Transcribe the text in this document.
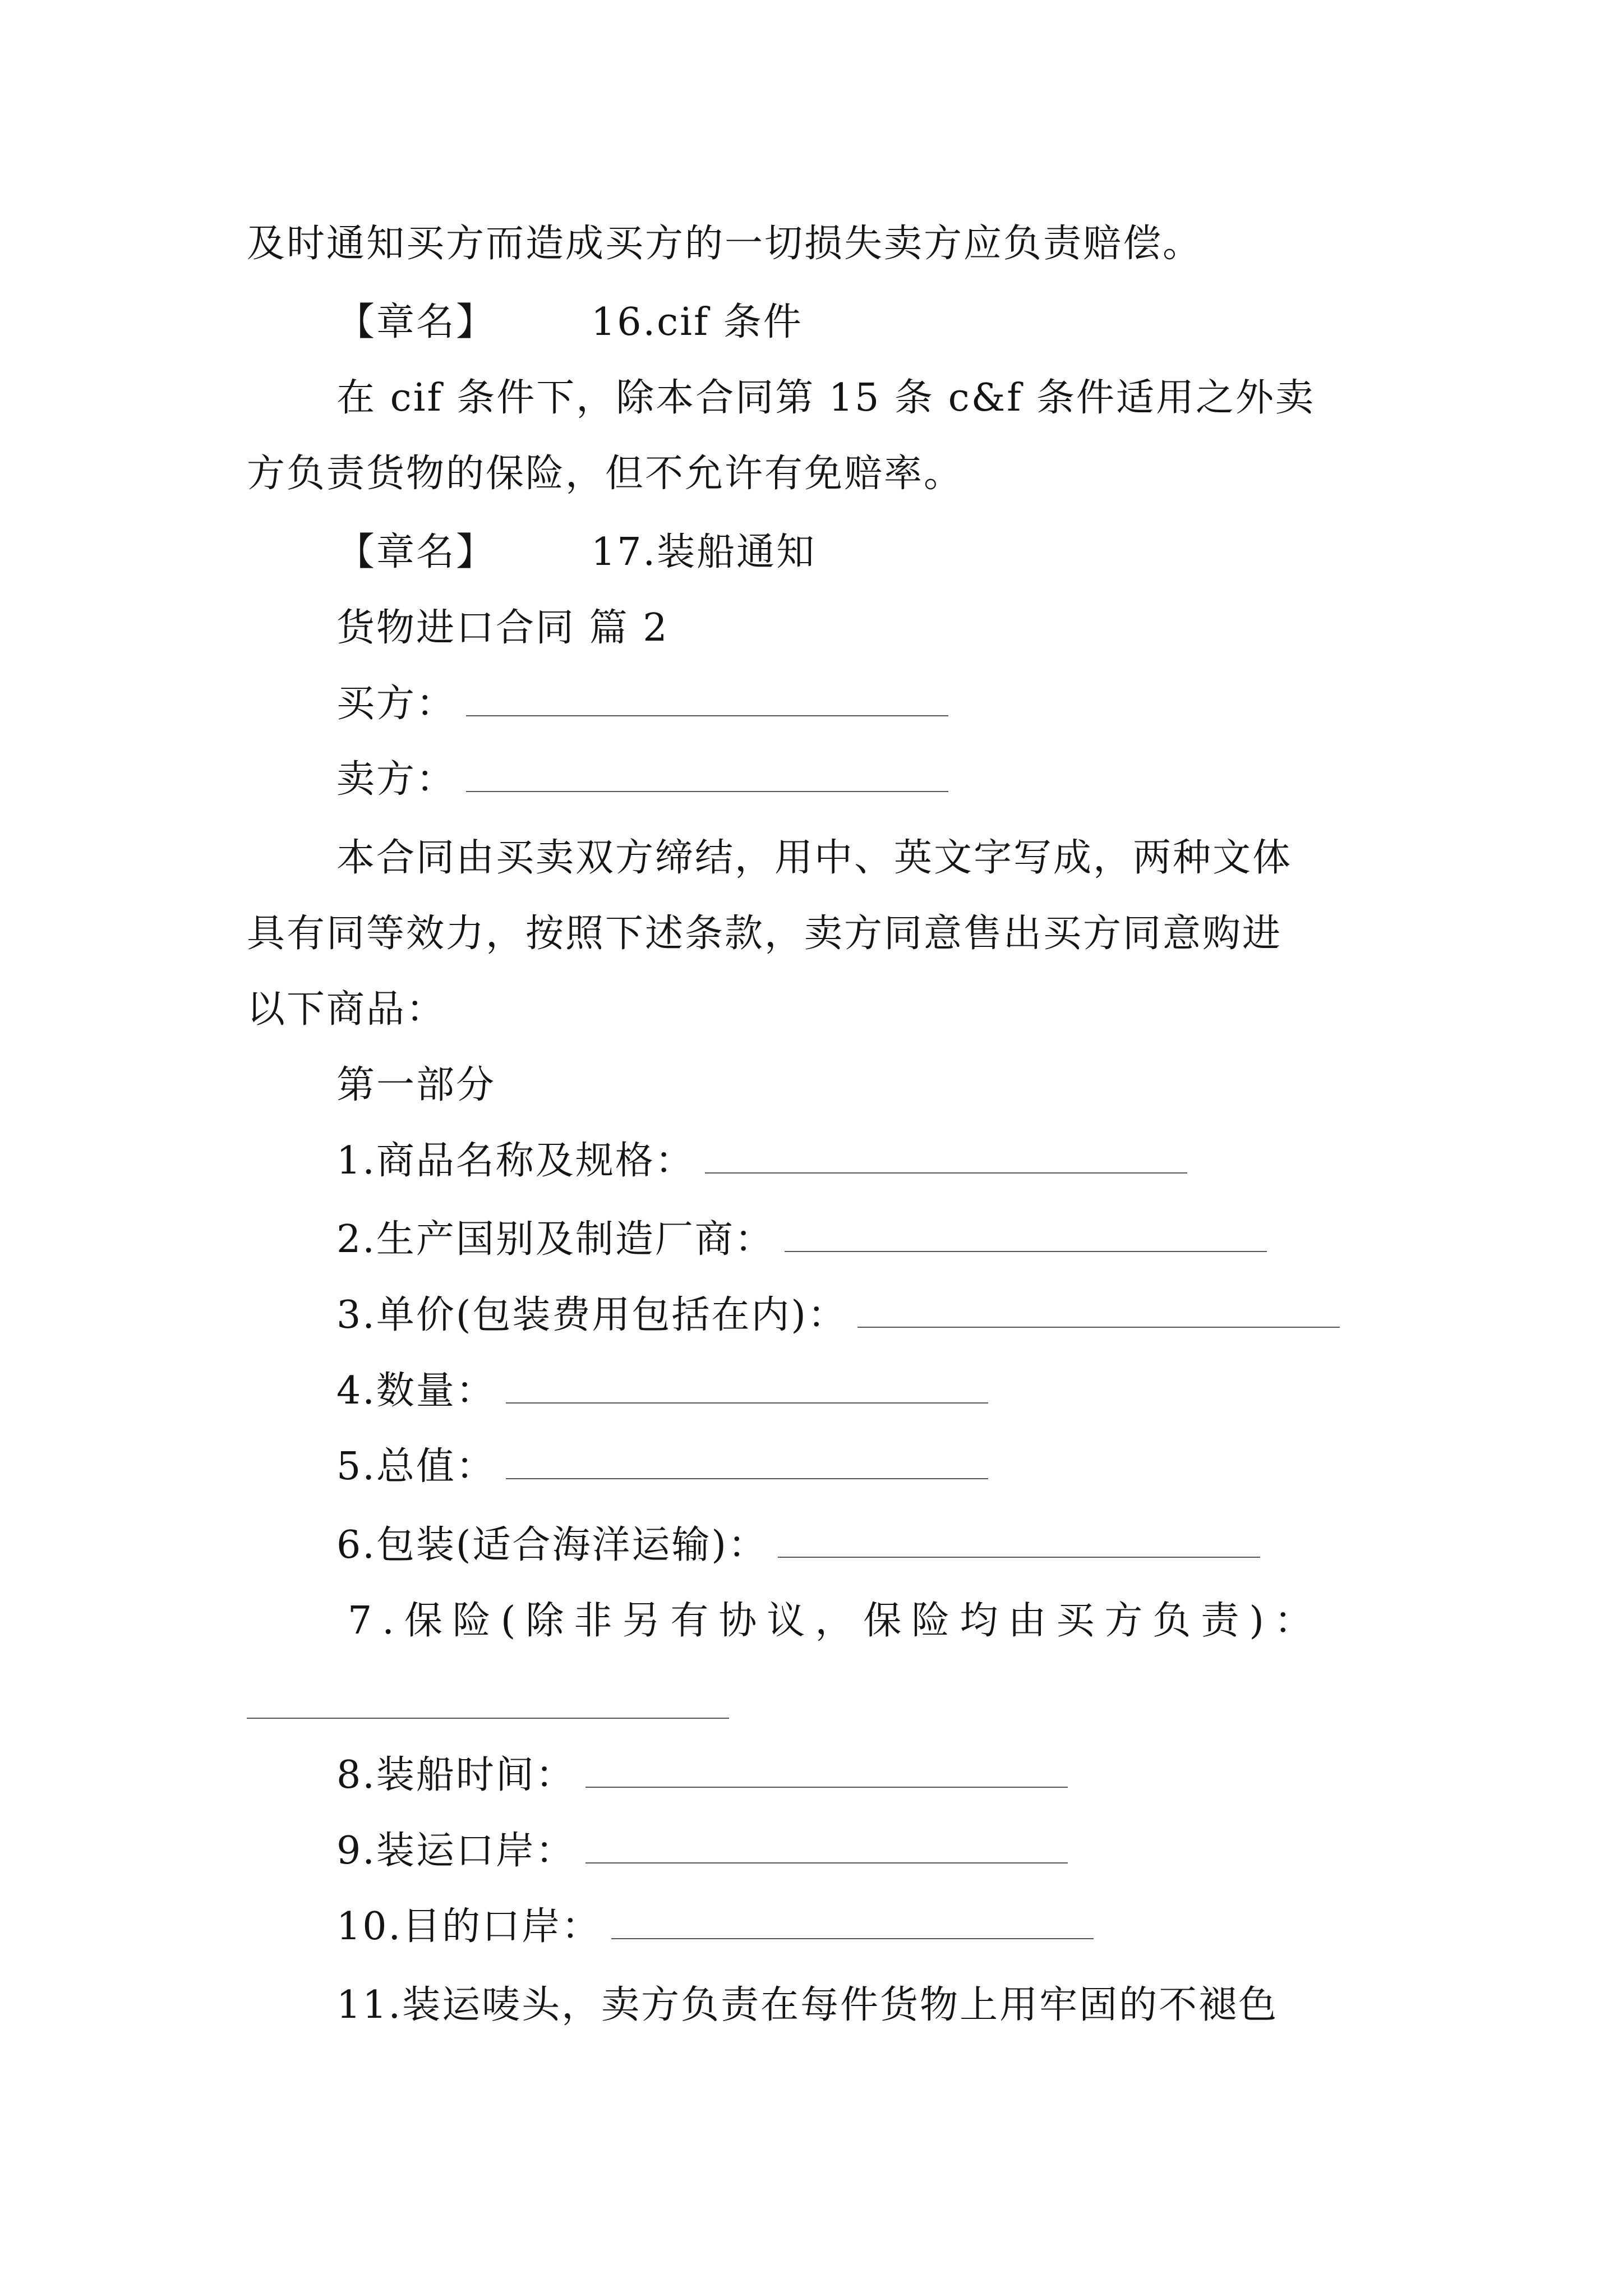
及时通知买方而造成买方的一切损失卖方应负责赔偿。
【章名】	16.cif 条件
在 cif 条件下，除本合同第 15 条 c&f 条件适用之外卖
方负责货物的保险，但不允许有免赔率。
【章名】	17.装船通知
货物进口合同 篇 2
买方：
卖方：
本合同由买卖双方缔结，用中、英文字写成，两种文体
具有同等效力，按照下述条款，卖方同意售出买方同意购进
以下商品：
第一部分
1.商品名称及规格：
2.生产国别及制造厂商：
3.单价(包装费用包括在内)：
4.数量：
5.总值：
6.包装(适合海洋运输)：
7.保险(除非另有协议，保险均由买方负责)：
8.装船时间：
9.装运口岸：
10.目的口岸：
11.装运唛头，卖方负责在每件货物上用牢固的不褪色
